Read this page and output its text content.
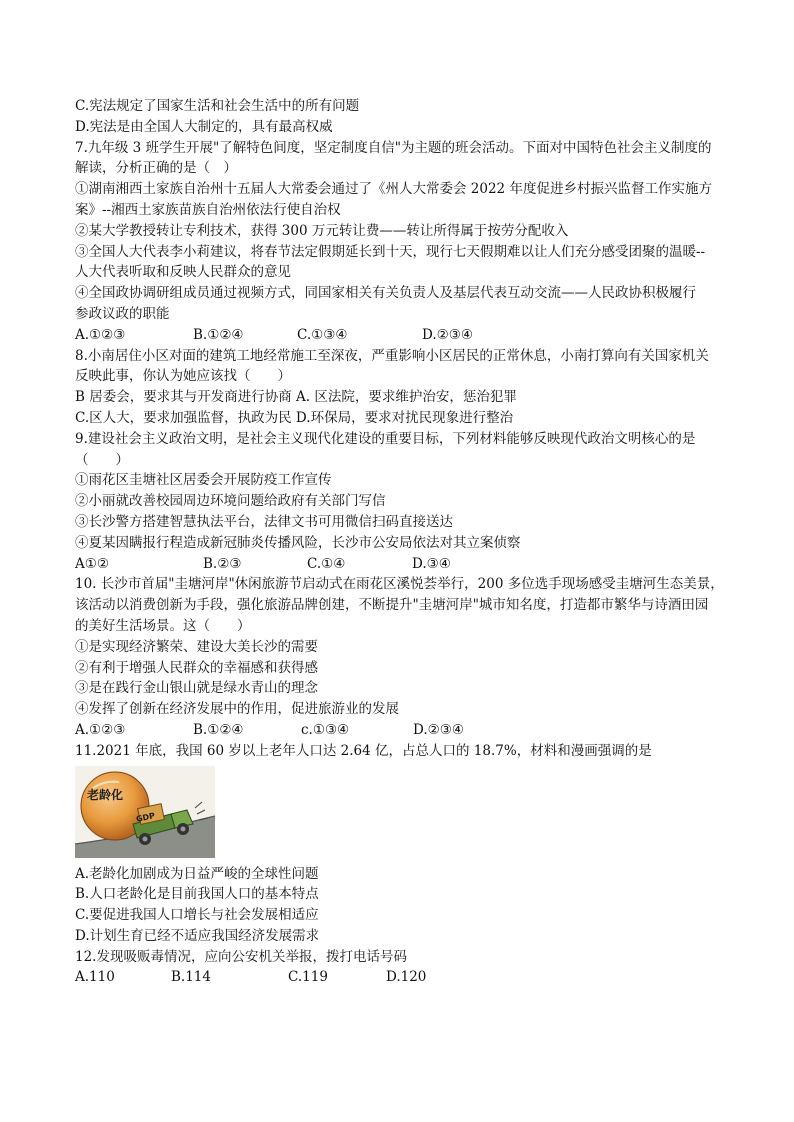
C.宪法规定了国家生活和社会生活中的所有问题
D.宪法是由全国人大制定的，具有最高权威
7.九年级 3 班学生开展"了解特色间度，坚定制度自信"为主题的班会活动。下面对中国特色社会主义制度的
解读，分析正确的是（　）
①湖南湘西土家族自治州十五届人大常委会通过了《州人大常委会 2022 年度促进乡村振兴监督工作实施方
案》--湘西土家族苗族自治州依法行使自治权
②某大学教授转让专利技术，获得 300 万元转让费——转让所得属于按劳分配收入
③全国人大代表李小莉建议，将春节法定假期延长到十天，现行七天假期难以让人们充分感受团聚的温暖--
人大代表听取和反映人民群众的意见
④全国政协调研组成员通过视频方式，同国家相关有关负责人及基层代表互动交流——人民政协积极履行
参政议政的职能
A.①②③	B.①②④	C.①③④	D.②③④
8.小南居住小区对面的建筑工地经常施工至深夜，严重影响小区居民的正常休息，小南打算向有关国家机关
反映此事，你认为她应该找（　　）
B 居委会，要求其与开发商进行协商 A. 区法院，要求维护治安，惩治犯罪
C.区人大，要求加强监督，执政为民 D.环保局，要求对扰民现象进行整治
9.建设社会主义政治文明，是社会主义现代化建设的重要目标，下列材料能够反映现代政治文明核心的是
（　　）
①雨花区圭塘社区居委会开展防疫工作宣传
②小丽就改善校园周边环境问题给政府有关部门写信
③长沙警方搭建智慧执法平台，法律文书可用微信扫码直接送达
④夏某因瞒报行程造成新冠肺炎传播风险，长沙市公安局依法对其立案侦察
A①②	B.②③	C.①④	D.③④
10. 长沙市首届"圭塘河岸"休闲旅游节启动式在雨花区溪悦荟举行，200 多位选手现场感受圭塘河生态美景，
该活动以消费创新为手段，强化旅游品牌创建，不断提升"圭塘河岸"城市知名度，打造都市繁华与诗酒田园
的美好生活场景。这（　　）
①是实现经济繁荣、建设大美长沙的需要
②有利于增强人民群众的幸福感和获得感
③是在践行金山银山就是绿水青山的理念
④发挥了创新在经济发展中的作用，促进旅游业的发展
A.①②③	B.①②④	c.①③④	D.②③④
11.2021 年底，我国 60 岁以上老年人口达 2.64 亿，占总人口的 18.7%，材料和漫画强调的是
老龄化
GDP
A.老龄化加剧成为日益严峻的全球性问题
B.人口老龄化是目前我国人口的基本特点
C.要促进我国人口增长与社会发展相适应
D.计划生育已经不适应我国经济发展需求
12.发现吸贩毒情况，应向公安机关举报，拨打电话号码
A.110	B.114	C.119	D.120
